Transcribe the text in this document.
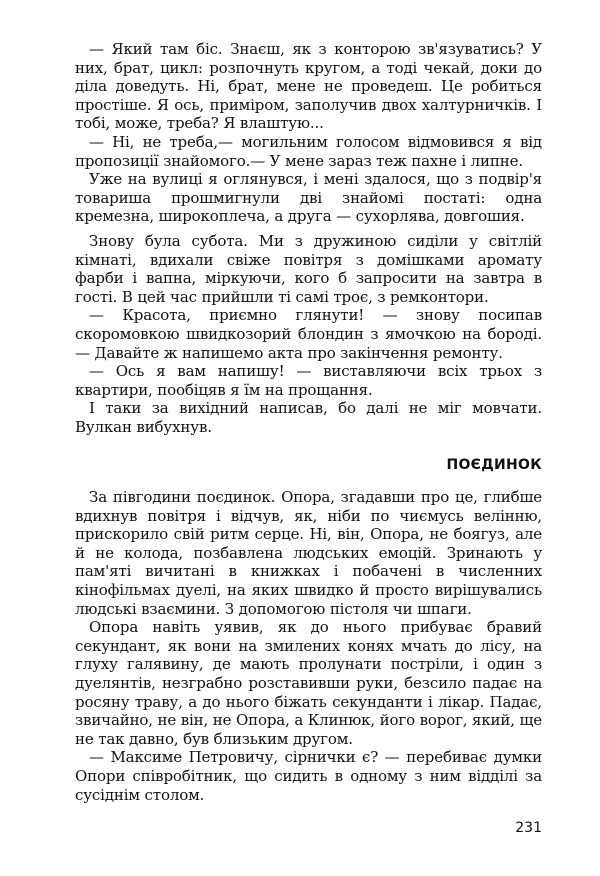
— Який там біс. Знаєш, як з конторою зв'язуватись? У них, брат, цикл: розпочнуть кругом, а тоді чекай, доки до діла доведуть. Ні, брат, мене не проведеш. Це робиться простіше. Я ось, приміром, заполучив двох халтурничків. І тобі, може, треба? Я влаштую...

— Ні, не треба,— могильним голосом відмовився я від пропозиції знайомого.— У мене зараз теж пахне і липне.

Уже на вулиці я оглянувся, і мені здалося, що з подвір'я товариша прошмигнули дві знайомі постаті: одна кремезна, широкоплеча, а друга — сухорлява, довгошия.

Знову була субота. Ми з дружиною сиділи у світлій кімнаті, вдихали свіже повітря з домішками аромату фарби і вапна, міркуючи, кого б запросити на завтра в гості. В цей час прийшли ті самі троє, з ремконтори.

— Красота, приємно глянути! — знову посипав скоромовкою швидкозорий блондин з ямочкою на бороді.— Давайте ж напишемо акта про закінчення ремонту.

— Ось я вам напишу! — виставляючи всіх трьох з квартири, пообіцяв я їм на прощання.

І таки за вихідний написав, бо далі не міг мовчати. Вулкан вибухнув.

ПОЄДИНОК

За півгодини поєдинок. Опора, згадавши про це, глибше вдихнув повітря і відчув, як, ніби по чиємусь велінню, прискорило свій ритм серце. Ні, він, Опора, не боягуз, але й не колода, позбавлена людських емоцій. Зринають у пам'яті вичитані в книжках і побачені в численних кінофільмах дуелі, на яких швидко й просто вирішувались людські взаємини. З допомогою пістоля чи шпаги.

Опора навіть уявив, як до нього прибуває бравий секундант, як вони на змилених конях мчать до лісу, на глуху галявину, де мають пролунати постріли, і один з дуелянтів, незграбно розставивши руки, безсило падає на росяну траву, а до нього біжать секунданти і лікар. Падає, звичайно, не він, не Опора, а Клинюк, його ворог, який, ще не так давно, був близьким другом.

— Максиме Петровичу, сірнички є? — перебиває думки Опори співробітник, що сидить в одному з ним відділі за сусіднім столом.

231
